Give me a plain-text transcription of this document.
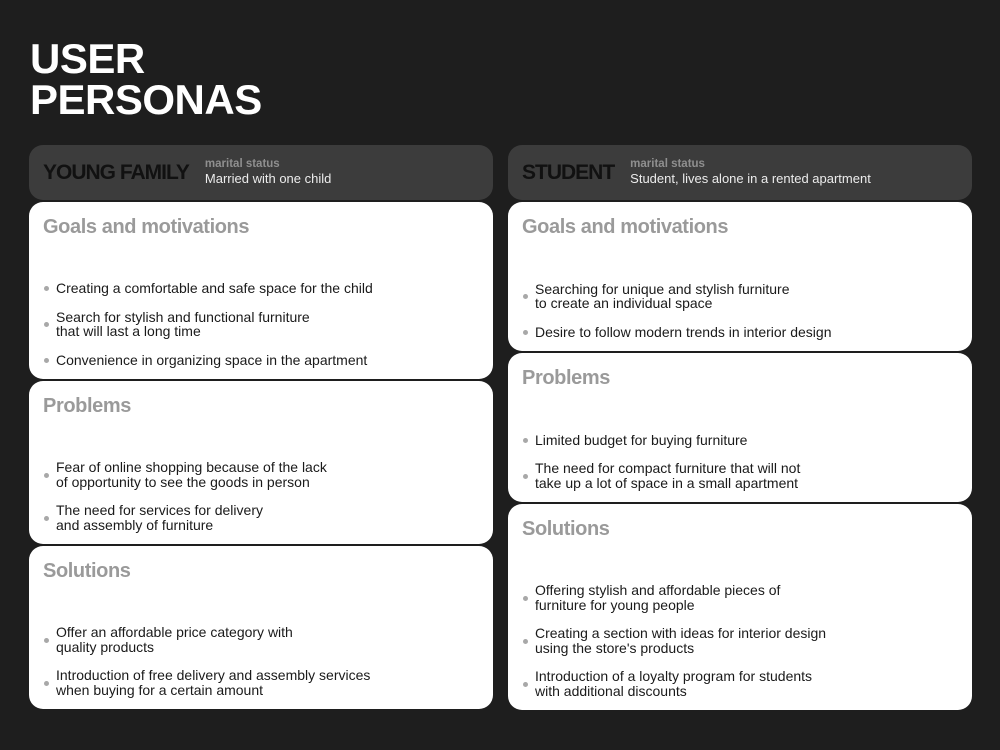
USER
PERSONAS
YOUNG FAMILY marital status
Married with one child
Goals and motivations
Creating a comfortable and safe space for the child
Search for stylish and functional furniture
that will last a long time
Convenience in organizing space in the apartment
Problems
Fear of online shopping because of the lack
of opportunity to see the goods in person
The need for services for delivery
and assembly of furniture
Solutions
Offer an affordable price category with
quality products
Introduction of free delivery and assembly services
when buying for a certain amount
STUDENT marital status
Student, lives alone in a rented apartment
Goals and motivations
Searching for unique and stylish furniture
to create an individual space
Desire to follow modern trends in interior design
Problems
Limited budget for buying furniture
The need for compact furniture that will not
take up a lot of space in a small apartment
Solutions
Offering stylish and affordable pieces of
furniture for young people
Creating a section with ideas for interior design
using the store's products
Introduction of a loyalty program for students
with additional discounts
